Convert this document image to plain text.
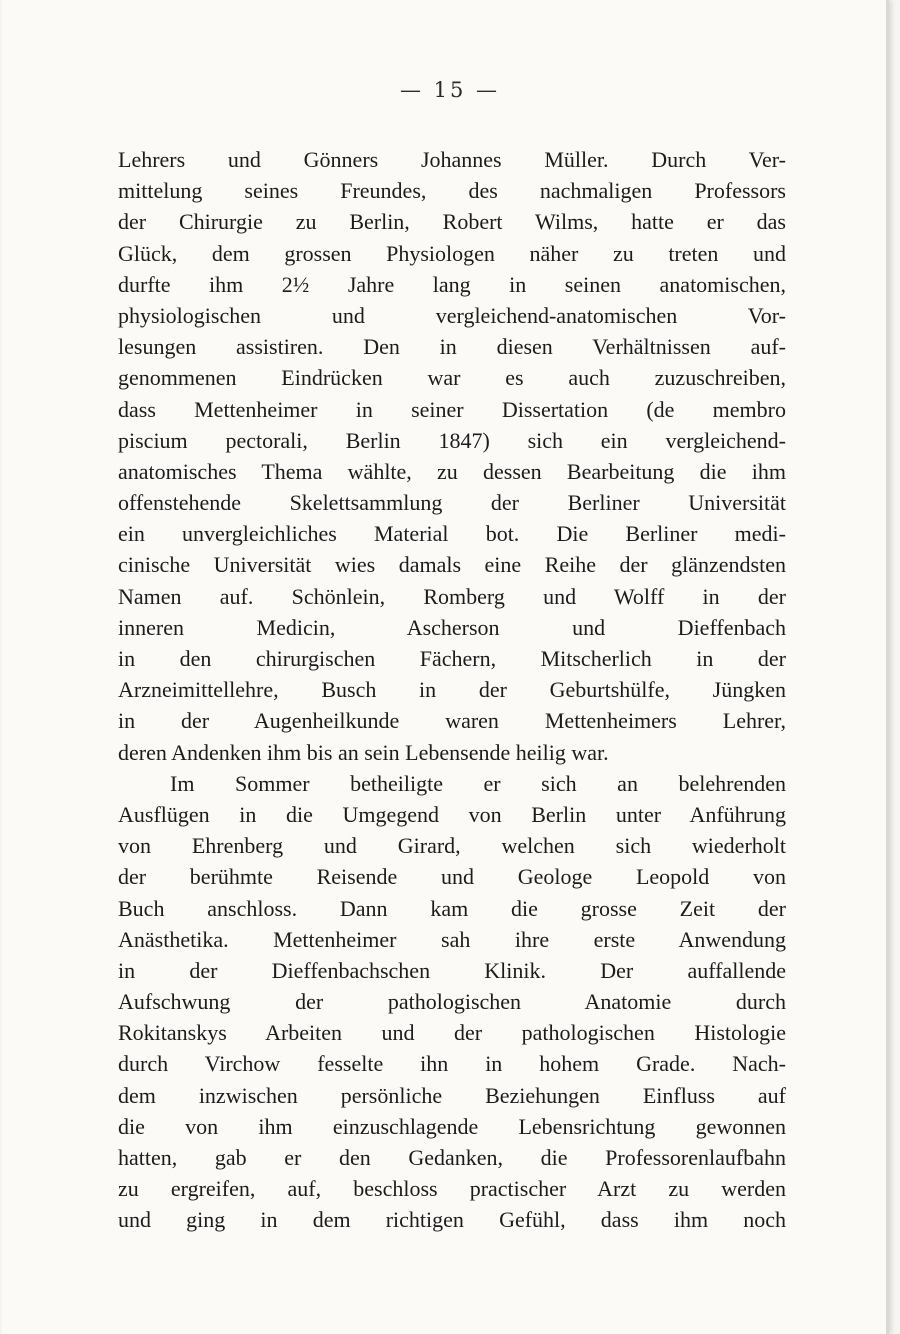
— 15 —
Lehrers und Gönners Johannes Müller. Durch Ver-
mittelung seines Freundes, des nachmaligen Professors
der Chirurgie zu Berlin, Robert Wilms, hatte er das
Glück, dem grossen Physiologen näher zu treten und
durfte ihm 2½ Jahre lang in seinen anatomischen,
physiologischen und vergleichend-anatomischen Vor-
lesungen assistiren. Den in diesen Verhältnissen auf-
genommenen Eindrücken war es auch zuzuschreiben,
dass Mettenheimer in seiner Dissertation (de membro
piscium pectorali, Berlin 1847) sich ein vergleichend-
anatomisches Thema wählte, zu dessen Bearbeitung die ihm
offenstehende Skelettsammlung der Berliner Universität
ein unvergleichliches Material bot. Die Berliner medi-
cinische Universität wies damals eine Reihe der glänzendsten
Namen auf. Schönlein, Romberg und Wolff in der
inneren Medicin, Ascherson und Dieffenbach
in den chirurgischen Fächern, Mitscherlich in der
Arzneimittellehre, Busch in der Geburtshülfe, Jüngken
in der Augenheilkunde waren Mettenheimers Lehrer,
deren Andenken ihm bis an sein Lebensende heilig war.
Im Sommer betheiligte er sich an belehrenden
Ausflügen in die Umgegend von Berlin unter Anführung
von Ehrenberg und Girard, welchen sich wiederholt
der berühmte Reisende und Geologe Leopold von
Buch anschloss. Dann kam die grosse Zeit der
Anästhetika. Mettenheimer sah ihre erste Anwendung
in der Dieffenbachschen Klinik. Der auffallende
Aufschwung der pathologischen Anatomie durch
Rokitanskys Arbeiten und der pathologischen Histologie
durch Virchow fesselte ihn in hohem Grade. Nach-
dem inzwischen persönliche Beziehungen Einfluss auf
die von ihm einzuschlagende Lebensrichtung gewonnen
hatten, gab er den Gedanken, die Professorenlaufbahn
zu ergreifen, auf, beschloss practischer Arzt zu werden
und ging in dem richtigen Gefühl, dass ihm noch
